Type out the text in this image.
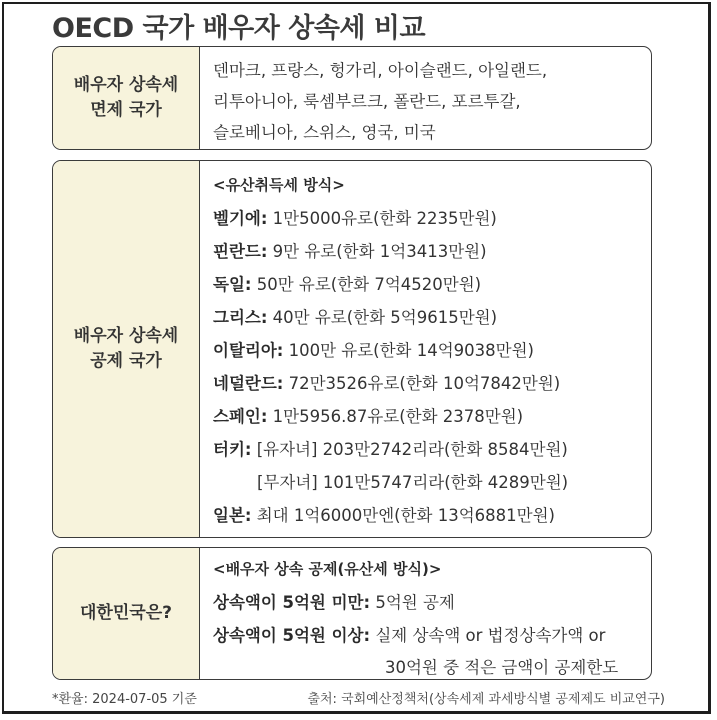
OECD 국가 배우자 상속세 비교
배우자 상속세
면제 국가
덴마크, 프랑스, 헝가리, 아이슬랜드, 아일랜드,
리투아니아, 룩셈부르크, 폴란드, 포르투갈,
슬로베니아, 스위스, 영국, 미국
배우자 상속세
공제 국가
<유산취득세 방식>
벨기에: 1만5000유로(한화 2235만원)
핀란드: 9만 유로(한화 1억3413만원)
독일: 50만 유로(한화 7억4520만원)
그리스: 40만 유로(한화 5억9615만원)
이탈리아: 100만 유로(한화 14억9038만원)
네덜란드: 72만3526유로(한화 10억7842만원)
스페인: 1만5956.87유로(한화 2378만원)
터키: [유자녀] 203만2742리라(한화 8584만원)
[무자녀] 101만5747리라(한화 4289만원)
일본: 최대 1억6000만엔(한화 13억6881만원)
대한민국은?
<배우자 상속 공제(유산세 방식)>
상속액이 5억원 미만: 5억원 공제
상속액이 5억원 이상: 실제 상속액 or 법정상속가액 or
30억원 중 적은 금액이 공제한도
*환율: 2024-07-05 기준	출처: 국회예산정책처(상속세제 과세방식별 공제제도 비교연구)
